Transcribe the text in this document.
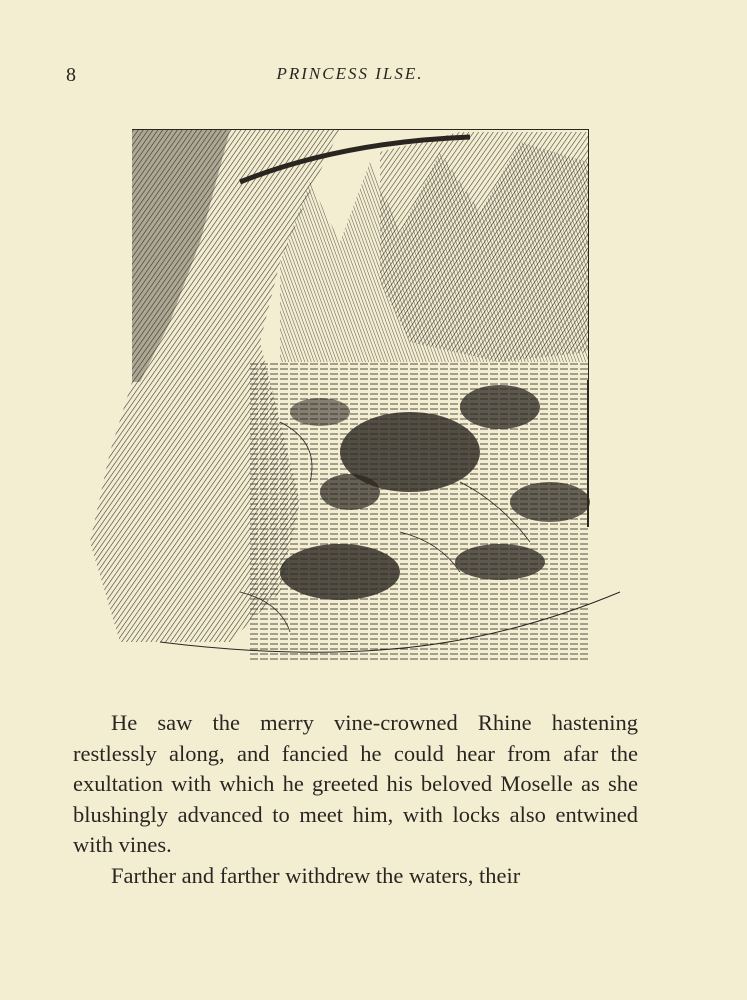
8	PRINCESS ILSE.

He saw the merry vine-crowned Rhine hastening restlessly along, and fancied he could hear from afar the exultation with which he greeted his beloved Moselle as she blushingly advanced to meet him, with locks also entwined with vines.

Farther and farther withdrew the waters, their
